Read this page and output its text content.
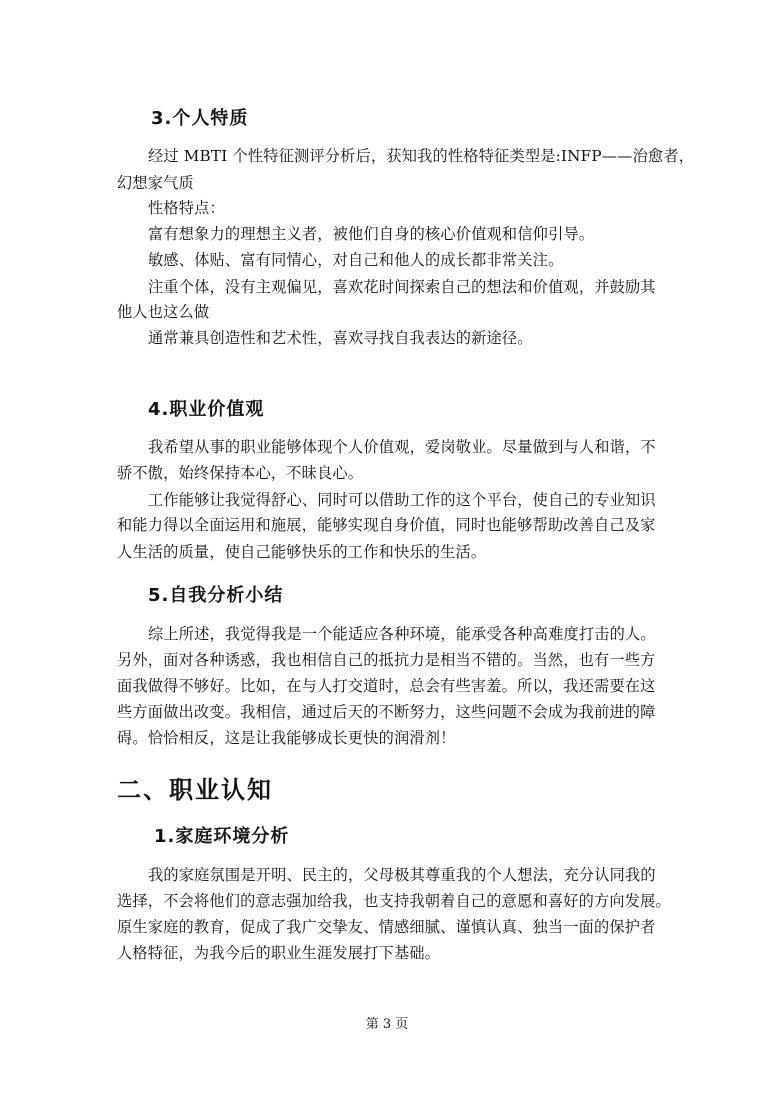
3.个人特质

经过 MBTI 个性特征测评分析后，获知我的性格特征类型是:INFP——治愈者，

幻想家气质

性格特点：

富有想象力的理想主义者，被他们自身的核心价值观和信仰引导。

敏感、体贴、富有同情心，对自己和他人的成长都非常关注。

注重个体，没有主观偏见，喜欢花时间探索自己的想法和价值观，并鼓励其

他人也这么做

通常兼具创造性和艺术性，喜欢寻找自我表达的新途径。

4.职业价值观

我希望从事的职业能够体现个人价值观，爱岗敬业。尽量做到与人和谐，不

骄不傲，始终保持本心，不昧良心。

工作能够让我觉得舒心、同时可以借助工作的这个平台，使自己的专业知识

和能力得以全面运用和施展，能够实现自身价值，同时也能够帮助改善自己及家

人生活的质量，使自己能够快乐的工作和快乐的生活。

5.自我分析小结

综上所述，我觉得我是一个能适应各种环境，能承受各种高难度打击的人。

另外，面对各种诱惑，我也相信自己的抵抗力是相当不错的。当然，也有一些方

面我做得不够好。比如，在与人打交道时，总会有些害羞。所以，我还需要在这

些方面做出改变。我相信，通过后天的不断努力，这些问题不会成为我前进的障

碍。恰恰相反，这是让我能够成长更快的润滑剂！

二、职业认知
1.家庭环境分析

我的家庭氛围是开明、民主的，父母极其尊重我的个人想法，充分认同我的

选择，不会将他们的意志强加给我，也支持我朝着自己的意愿和喜好的方向发展。

原生家庭的教育，促成了我广交挚友、情感细腻、谨慎认真、独当一面的保护者

人格特征，为我今后的职业生涯发展打下基础。

第 3 页
